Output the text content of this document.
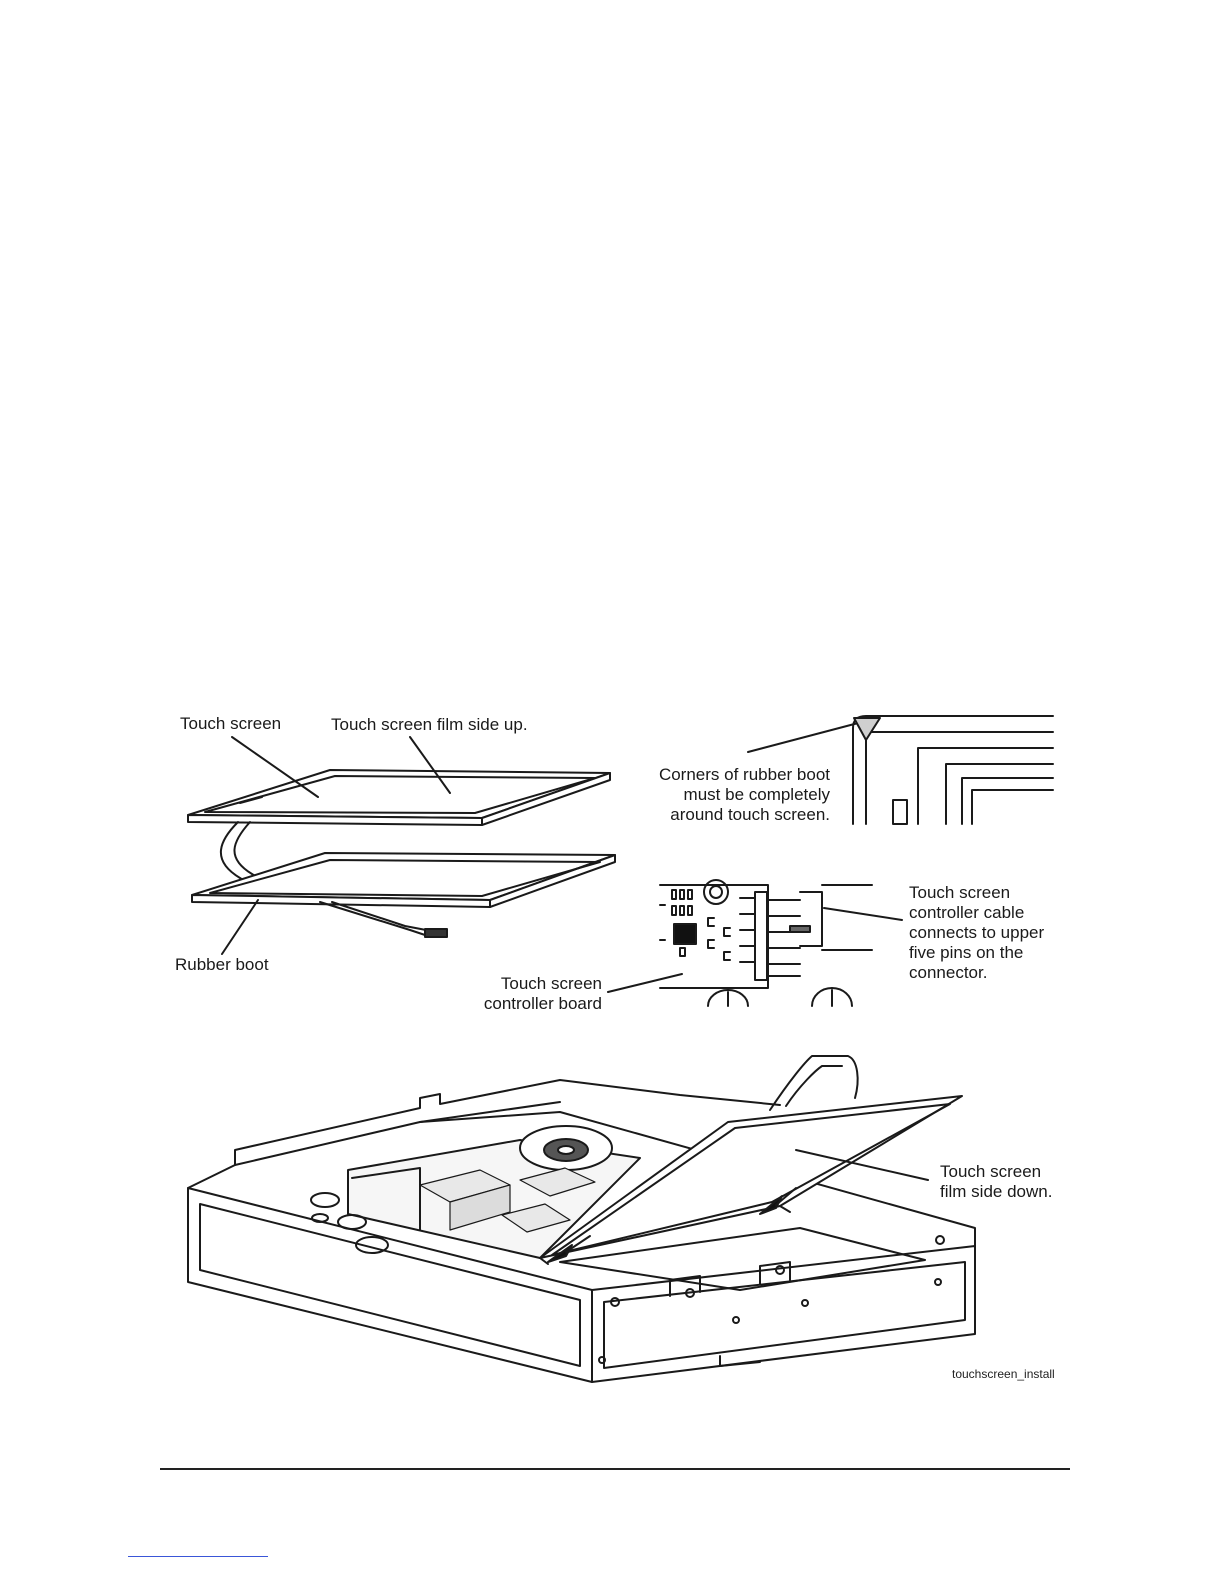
Touch screen	Touch screen film side up.
Rubber boot
Corners of rubber boot
must be completely
around touch screen.
Touch screen
controller cable
connects to upper
five pins on the
connector.
Touch screen
controller board
Touch screen
film side down.
touchscreen_install
